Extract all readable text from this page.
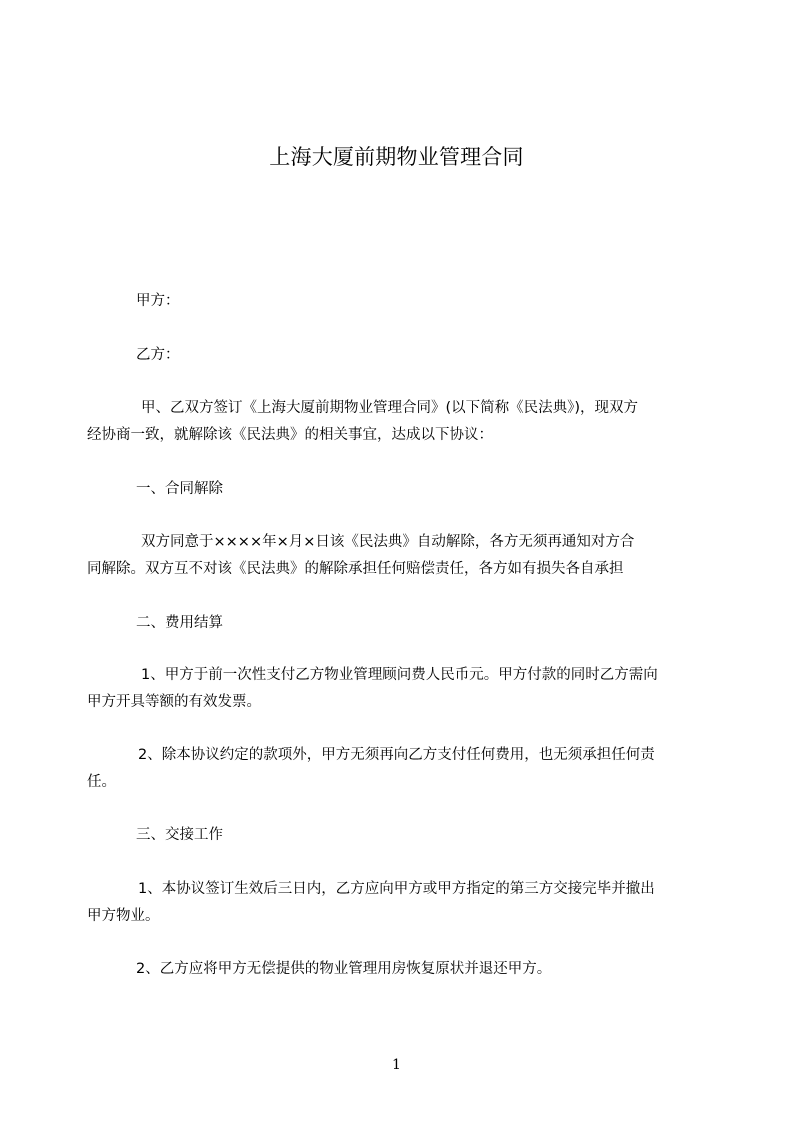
上海大厦前期物业管理合同
甲方：
乙方：
甲、乙双方签订《上海大厦前期物业管理合同》(以下简称《民法典》)，现双方
经协商一致，就解除该《民法典》的相关事宜，达成以下协议：
一、合同解除
双方同意于××××年×月×日该《民法典》自动解除，各方无须再通知对方合
同解除。双方互不对该《民法典》的解除承担任何赔偿责任，各方如有损失各自承担
二、费用结算
1、甲方于前一次性支付乙方物业管理顾问费人民币元。甲方付款的同时乙方需向
甲方开具等额的有效发票。
2、除本协议约定的款项外，甲方无须再向乙方支付任何费用，也无须承担任何责
任。
三、交接工作
1、本协议签订生效后三日内，乙方应向甲方或甲方指定的第三方交接完毕并撤出
甲方物业。
2、乙方应将甲方无偿提供的物业管理用房恢复原状并退还甲方。
1
